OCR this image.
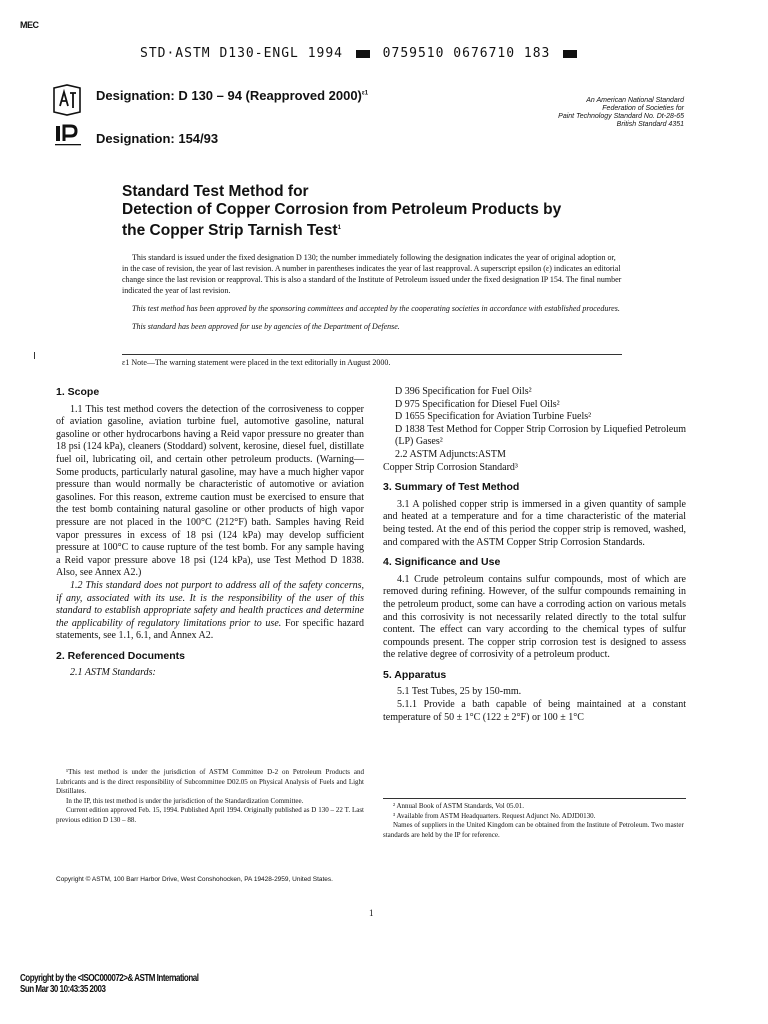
MEC
STD·ASTM D130-ENGL 1994	0759510 0676710 183
Designation: D 130 – 94 (Reapproved 2000)$^{\varepsilon 1}$
Designation: 154/93
An American National Standard
Federation of Societies for
Paint Technology Standard No. Dt-28-65
British Standard 4351
Standard Test Method for
Detection of Copper Corrosion from Petroleum Products by
the Copper Strip Tarnish Test$^1$

This standard is issued under the fixed designation D 130; the number immediately following the designation indicates the year of original adoption or, in the case of revision, the year of last revision. A number in parentheses indicates the year of last reapproval. A superscript epsilon (ε) indicates an editorial change since the last revision or reapproval. This is also a standard of the Institute of Petroleum issued under the fixed designation IP 154. The final number indicated the year of last revision.

This test method has been approved by the sponsoring committees and accepted by the cooperating societies in accordance with established procedures.

This standard has been approved for use by agencies of the Department of Defense.

ε1 Note—The warning statement were placed in the text editorially in August 2000.
1. Scope

1.1 This test method covers the detection of the corrosiveness to copper of aviation gasoline, aviation turbine fuel, automotive gasoline, natural gasoline or other hydrocarbons having a Reid vapor pressure no greater than 18 psi (124 kPa), cleaners (Stoddard) solvent, kerosine, diesel fuel, distillate fuel oil, lubricating oil, and certain other petroleum products. (Warning—Some products, particularly natural gasoline, may have a much higher vapor pressure than would normally be characteristic of automotive or aviation gasolines. For this reason, extreme caution must be exercised to ensure that the test bomb containing natural gasoline or other products of high vapor pressure are not placed in the 100°C (212°F) bath. Samples having Reid vapor pressures in excess of 18 psi (124 kPa) may develop sufficient pressure at 100°C to cause rupture of the test bomb. For any sample having a Reid vapor pressure above 18 psi (124 kPa), use Test Method D 1838. Also, see Annex A2.)

1.2 This standard does not purport to address all of the safety concerns, if any, associated with its use. It is the responsibility of the user of this standard to establish appropriate safety and health practices and determine the applicability of regulatory limitations prior to use. For specific hazard statements, see 1.1, 6.1, and Annex A2.

2. Referenced Documents

2.1 ASTM Standards:

¹This test method is under the jurisdiction of ASTM Committee D-2 on Petroleum Products and Lubricants and is the direct responsibility of Subcommittee D02.05 on Physical Analysis of Fuels and Light Distillates.

In the IP, this test method is under the jurisdiction of the Standardization Committee.

Current edition approved Feb. 15, 1994. Published April 1994. Originally published as D 130 – 22 T. Last previous edition D 130 – 88.

D 396 Specification for Fuel Oils²

D 975 Specification for Diesel Fuel Oils²

D 1655 Specification for Aviation Turbine Fuels²

D 1838 Test Method for Copper Strip Corrosion by Liquefied Petroleum (LP) Gases²

2.2 ASTM Adjuncts:ASTM

Copper Strip Corrosion Standard³

3. Summary of Test Method

3.1 A polished copper strip is immersed in a given quantity of sample and heated at a temperature and for a time characteristic of the material being tested. At the end of this period the copper strip is removed, washed, and compared with the ASTM Copper Strip Corrosion Standards.

4. Significance and Use

4.1 Crude petroleum contains sulfur compounds, most of which are removed during refining. However, of the sulfur compounds remaining in the petroleum product, some can have a corroding action on various metals and this corrosivity is not necessarily related directly to the total sulfur content. The effect can vary according to the chemical types of sulfur compounds present. The copper strip corrosion test is designed to assess the relative degree of corrosivity of a petroleum product.

5. Apparatus

5.1 Test Tubes, 25 by 150-mm.

5.1.1 Provide a bath capable of being maintained at a constant temperature of 50 ± 1°C (122 ± 2°F) or 100 ± 1°C

² Annual Book of ASTM Standards, Vol 05.01.

³ Available from ASTM Headquarters. Request Adjunct No. ADJD0130.

Names of suppliers in the United Kingdom can be obtained from the Institute of Petroleum. Two master standards are held by the IP for reference.

Copyright © ASTM, 100 Barr Harbor Drive, West Conshohocken, PA 19428-2959, United States.
1
Copyright by the <ISOC000072>& ASTM International
Sun Mar 30 10:43:35 2003
